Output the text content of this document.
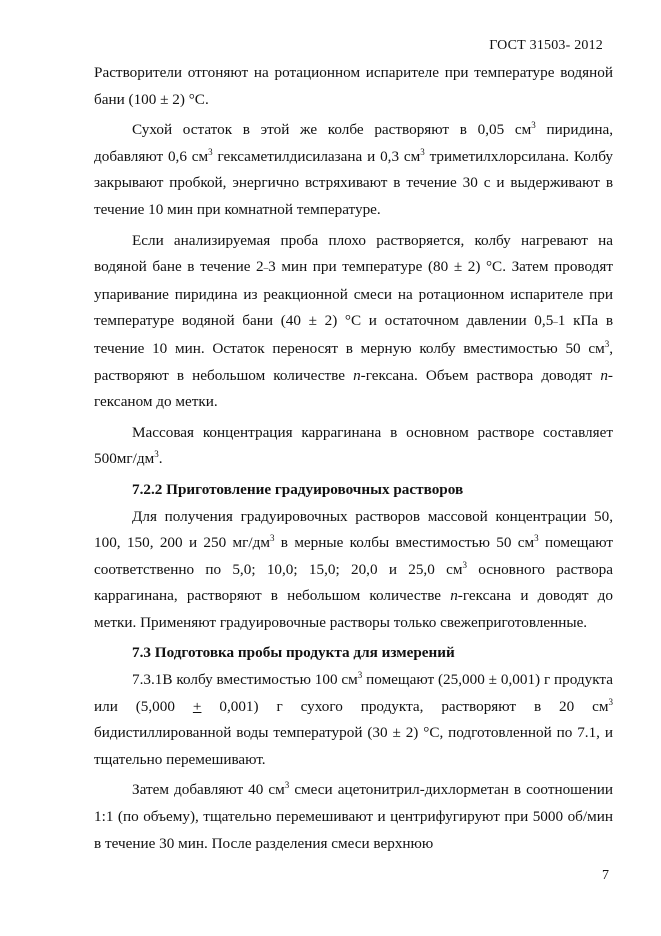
ГОСТ 31503- 2012

Растворители отгоняют на ротационном испарителе при температуре водяной бани (100 ± 2) °С.

Сухой остаток в этой же колбе растворяют в 0,05 $см^3$ пиридина, добавляют 0,6 $см^3$ гексаметилдисилазана и 0,3 $см^3$ триметилхлорсилана. Колбу закрывают пробкой, энергично встряхивают в течение 30 с и выдерживают в течение 10 мин при комнатной температуре.

Если анализируемая проба плохо растворяется, колбу нагревают на водяной бане в течение 2–3 мин при температуре (80 ± 2) °С. Затем проводят упаривание пиридина из реакционной смеси на ротационном испарителе при температуре водяной бани (40 ± 2) °С и остаточном давлении 0,5–1 кПа в течение 10 мин. Остаток переносят в мерную колбу вместимостью 50 $см^3$, растворяют в небольшом количестве n-гексана. Объем раствора доводят n-гексаном до метки.

Массовая концентрация каррагинана в основном растворе составляет $500мг/дм^3$.

7.2.2 Приготовление градуировочных растворов

Для получения градуировочных растворов массовой концентрации 50, 100, 150, 200 и 250 $мг/дм^3$ в мерные колбы вместимостью 50 $см^3$ помещают соответственно по 5,0; 10,0; 15,0; 20,0 и 25,0 $см^3$ основного раствора каррагинана, растворяют в небольшом количестве n-гексана и доводят до метки. Применяют градуировочные растворы только свежеприготовленные.

7.3 Подготовка пробы продукта для измерений

7.3.1В колбу вместимостью 100 $см^3$ помещают (25,000 ± 0,001) г продукта или (5,000 + 0,001) г сухого продукта, растворяют в 20 $см^3$ бидистиллированной воды температурой (30 ± 2) °С, подготовленной по 7.1, и тщательно перемешивают.

Затем добавляют 40 $см^3$ смеси ацетонитрил-дихлорметан в соотношении 1:1 (по объему), тщательно перемешивают и центрифугируют при 5000 об/мин в течение 30 мин. После разделения смеси верхнюю

7
